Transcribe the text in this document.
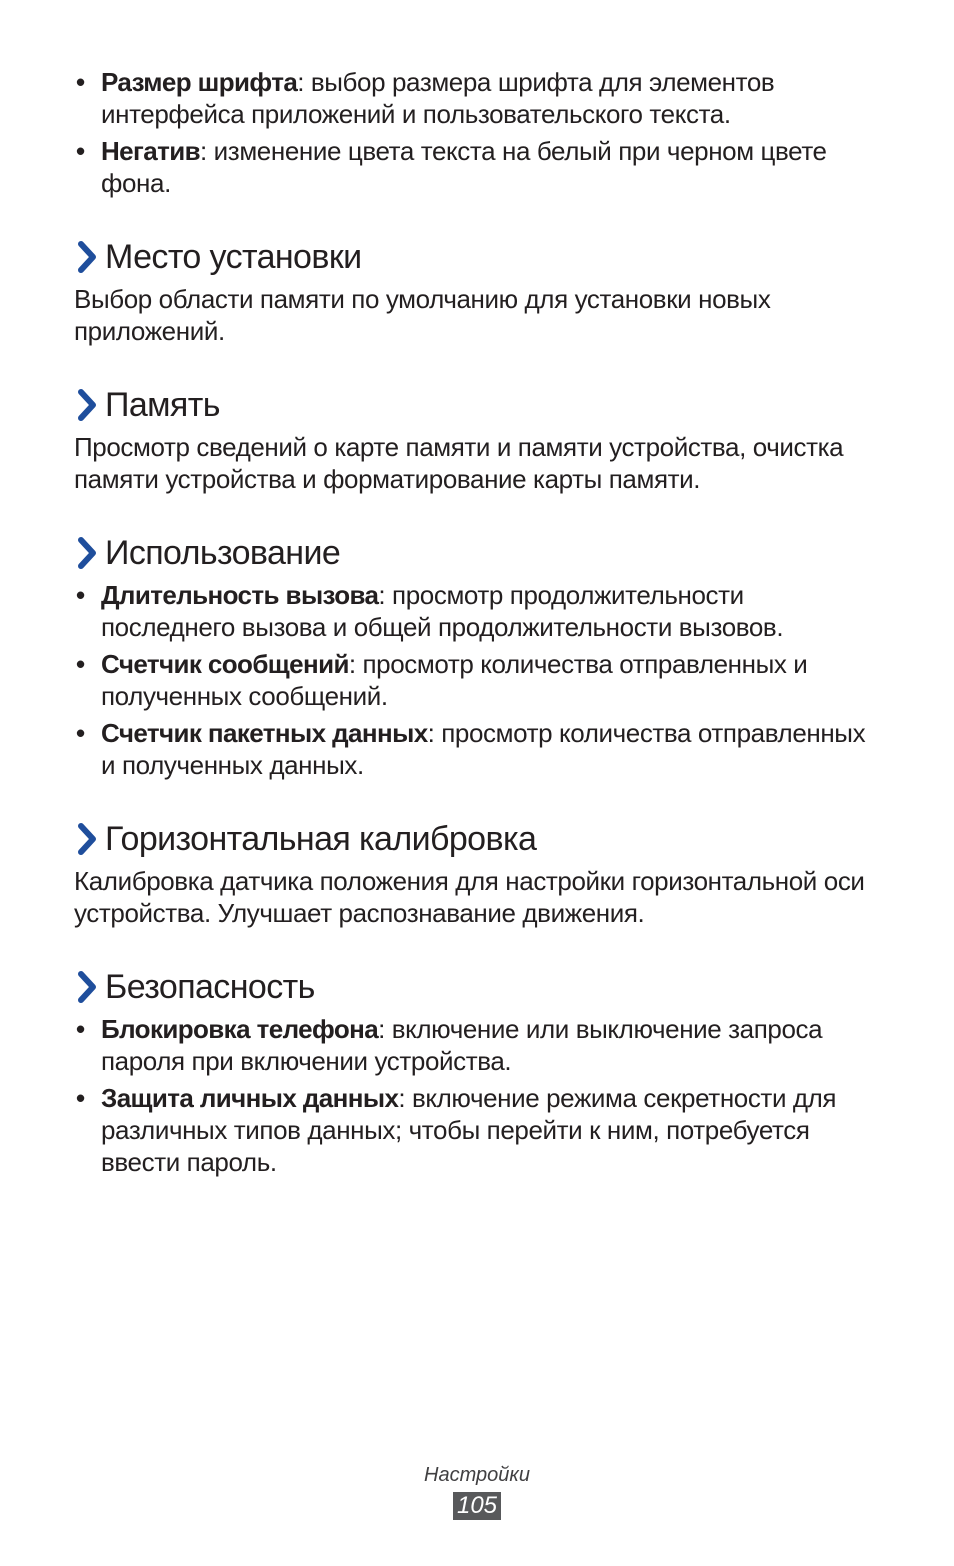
• Размер шрифта: выбор размера шрифта для элементов интерфейса приложений и пользовательского текста.
• Негатив: изменение цвета текста на белый при черном цвете фона.
Место установки

Выбор области памяти по умолчанию для установки новых приложений.

Память

Просмотр сведений о карте памяти и памяти устройства, очистка памяти устройства и форматирование карты памяти.

Использование
• Длительность вызова: просмотр продолжительности последнего вызова и общей продолжительности вызовов.
• Счетчик сообщений: просмотр количества отправленных и полученных сообщений.
• Счетчик пакетных данных: просмотр количества отправленных и полученных данных.
Горизонтальная калибровка

Калибровка датчика положения для настройки горизонтальной оси устройства. Улучшает распознавание движения.

Безопасность
• Блокировка телефона: включение или выключение запроса пароля при включении устройства.
• Защита личных данных: включение режима секретности для различных типов данных; чтобы перейти к ним, потребуется ввести пароль.
Настройки
105
